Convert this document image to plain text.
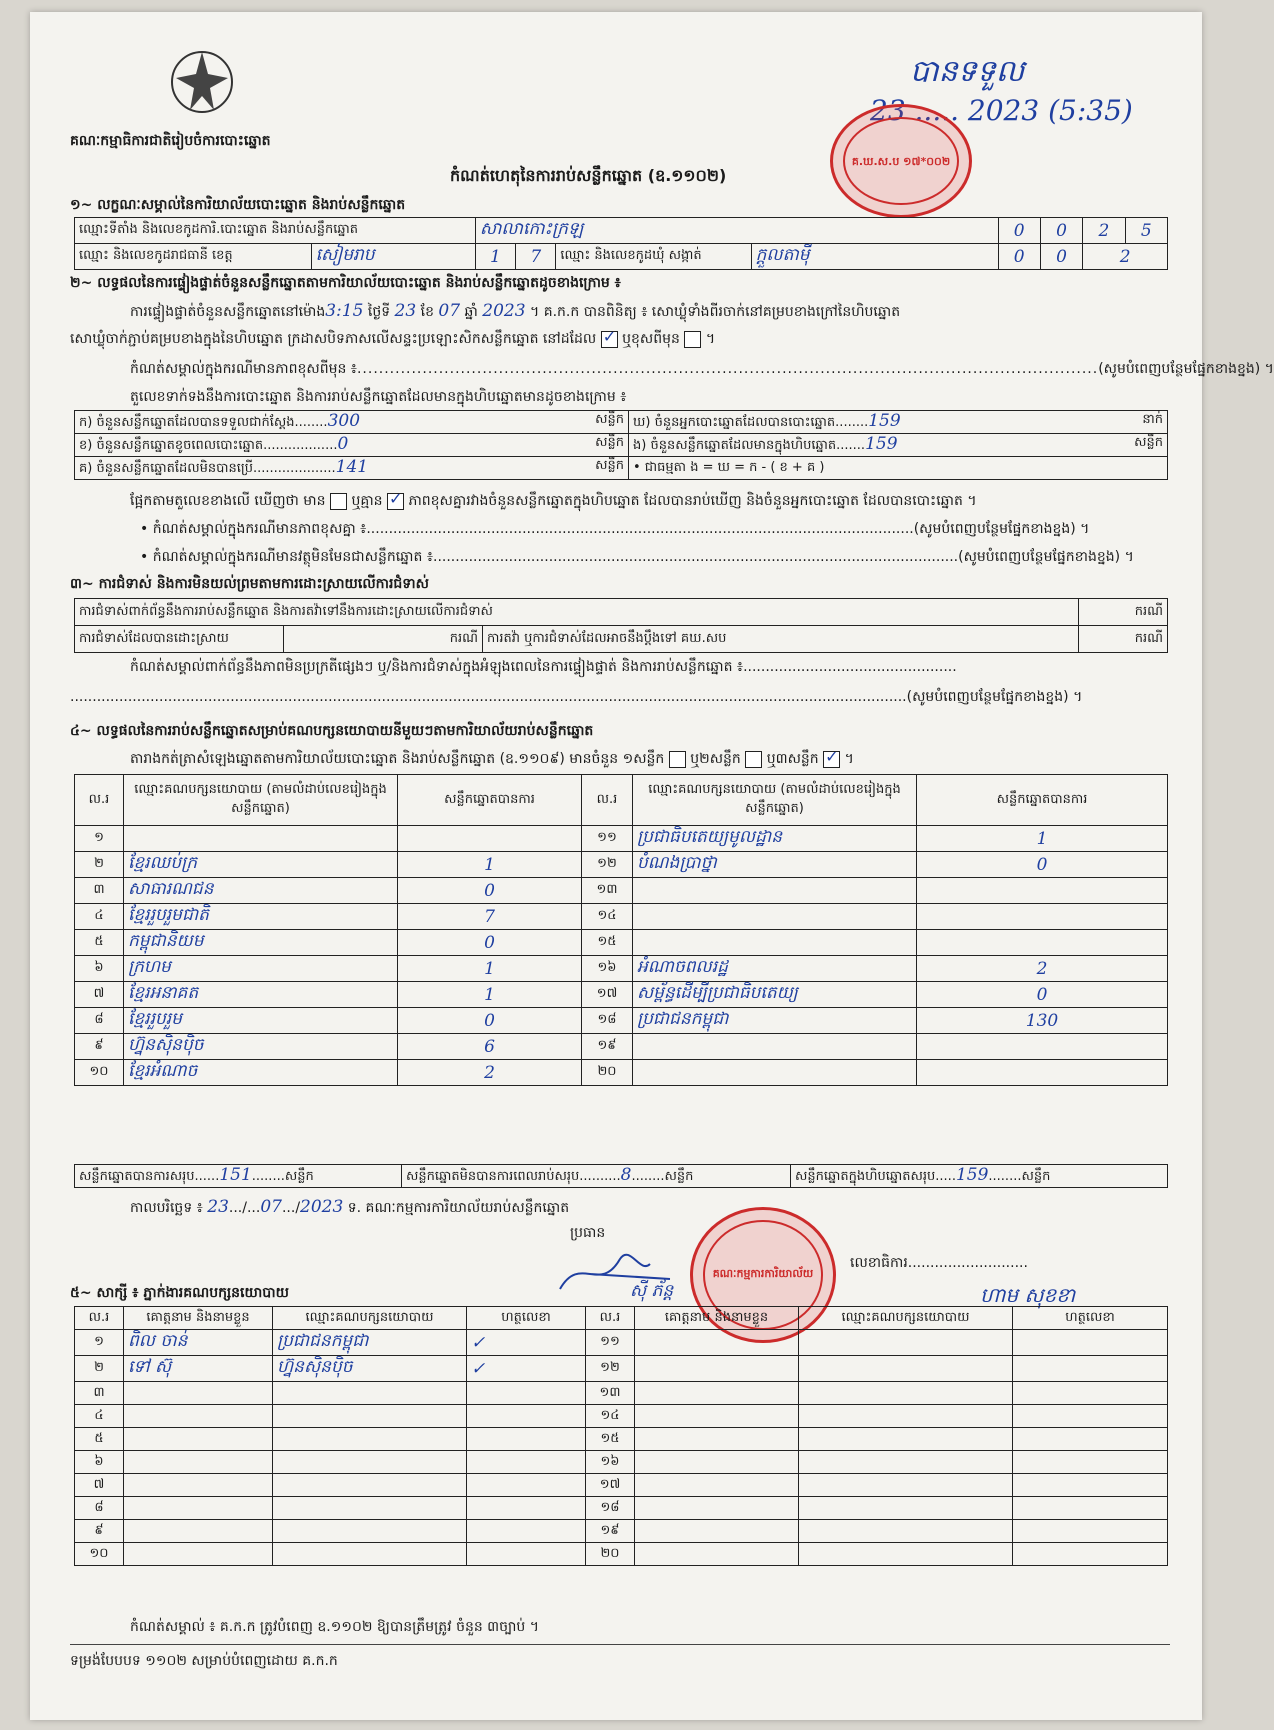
គណៈកម្មាធិការជាតិរៀបចំការបោះឆ្នោត
បានទទួល
23 ..... 2023 (5:35)
គ.ឃ.ស.ប ១៧*០០២
កំណត់ហេតុនៃការរាប់សន្លឹកឆ្នោត (ឧ.១១០២)
១~ លក្ខណៈសម្គាល់នៃការិយាល័យបោះឆ្នោត និងរាប់សន្លឹកឆ្នោត
ឈ្មោះទីតាំង និងលេខកូដការិ.បោះឆ្នោត និងរាប់សន្លឹកឆ្នោត		សាលាកោះក្រឡ				0	0	2	5
ឈ្មោះ និងលេខកូដរាជធានី ខេត្ត	សៀមរាប	1	7	ឈ្មោះ និងលេខកូដឃុំ សង្កាត់	ក្ដួលតាម៉ី	0	0	2	
២~ លទ្ធផលនៃការផ្ទៀងផ្ទាត់ចំនួនសន្លឹកឆ្នោតតាមការិយាល័យបោះឆ្នោត និងរាប់សន្លឹកឆ្នោតដូចខាងក្រោម ៖
ការផ្ទៀងផ្ទាត់ចំនួនសន្លឹកឆ្នោតនៅម៉ោង3:15 ថ្ងៃទី 23 ខែ 07 ឆ្នាំ 2023 ។ គ.ក.ក បានពិនិត្យ ៖ សោឃ្លុំទាំងពីរចាក់នៅគម្របខាងក្រៅនៃហិបឆ្នោត
សោឃ្លុំចាក់ភ្ជាប់គម្របខាងក្នុងនៃហិបឆ្នោត ក្រដាសបិទភាសលើសន្ទះប្រឡោះសិកសន្លឹកឆ្នោត នៅដដែល ✓ ឬខុសពីមុន ។
កំណត់សម្គាល់ក្នុងករណីមានភាពខុសពីមុន ៖........................................................................................................................................(សូមបំពេញបន្ថែមផ្នែកខាងខ្នង) ។
តួលេខទាក់ទងនឹងការបោះឆ្នោត និងការរាប់សន្លឹកឆ្នោតដែលមានក្នុងហិបឆ្នោតមានដូចខាងក្រោម ៖
ក) ចំនួនសន្លឹកឆ្នោតដែលបានទទួលជាក់ស្ដែង........300 សន្លឹក	ឃ) ចំនួនអ្នកបោះឆ្នោតដែលបានបោះឆ្នោត........159 នាក់

ខ) ចំនួនសន្លឹកឆ្នោតខូចពេលបោះឆ្នោត..................0 សន្លឹក	ង) ចំនួនសន្លឹកឆ្នោតដែលមានក្នុងហិបឆ្នោត.......159 សន្លឹក

គ) ចំនួនសន្លឹកឆ្នោតដែលមិនបានប្រើ....................141 សន្លឹក	• ជាធម្មតា ង = ឃ = ក - ( ខ + គ )
ផ្អែកតាមតួលេខខាងលើ ឃើញថា មាន ឬគ្មាន ✓ ភាពខុសគ្នារវាងចំនួនសន្លឹកឆ្នោតក្នុងហិបឆ្នោត ដែលបានរាប់ឃើញ និងចំនួនអ្នកបោះឆ្នោត ដែលបានបោះឆ្នោត ។
• កំណត់សម្គាល់ក្នុងករណីមានភាពខុសគ្នា ៖...........................................................................................................................(សូមបំពេញបន្ថែមផ្នែកខាងខ្នង) ។
• កំណត់សម្គាល់ក្នុងករណីមានវត្ថុមិនមែនជាសន្លឹកឆ្នោត ៖......................................................................................................................(សូមបំពេញបន្ថែមផ្នែកខាងខ្នង) ។
៣~ ការជំទាស់ និងការមិនយល់ព្រមតាមការដោះស្រាយលើការជំទាស់
ការជំទាស់ពាក់ព័ន្ធនឹងការរាប់សន្លឹកឆ្នោត និងការតវ៉ាទៅនឹងការដោះស្រាយលើការជំទាស់			ករណី
ការជំទាស់ដែលបានដោះស្រាយ	ករណី	ការតវ៉ា ឬការជំទាស់ដែលអាចនឹងប្ដឹងទៅ គឃ.សប	ករណី
កំណត់សម្គាល់ពាក់ព័ន្ធនឹងភាពមិនប្រក្រតីផ្សេងៗ ឬ/និងការជំទាស់ក្នុងអំឡុងពេលនៃការផ្ទៀងផ្ទាត់ និងការរាប់សន្លឹកឆ្នោត ៖................................................
............................................................................................................................................................................................(សូមបំពេញបន្ថែមផ្នែកខាងខ្នង) ។
៤~ លទ្ធផលនៃការរាប់សន្លឹកឆ្នោតសម្រាប់គណបក្សនយោបាយនីមួយៗតាមការិយាល័យរាប់សន្លឹកឆ្នោត
តារាងកត់ត្រាសំឡេងឆ្នោតតាមការិយាល័យបោះឆ្នោត និងរាប់សន្លឹកឆ្នោត (ឧ.១១០៩) មានចំនួន ១សន្លឹក ឬ២សន្លឹក ឬ៣សន្លឹក ✓ ។
ល.រ	ឈ្មោះគណបក្សនយោបាយ (តាមលំដាប់លេខរៀងក្នុងសន្លឹកឆ្នោត)	សន្លឹកឆ្នោតបានការ	ល.រ	ឈ្មោះគណបក្សនយោបាយ (តាមលំដាប់លេខរៀងក្នុងសន្លឹកឆ្នោត)	សន្លឹកឆ្នោតបានការ
១			១១	ប្រជាធិបតេយ្យមូលដ្ឋាន	1
២	ខ្មែរឈប់ក្រ	1	១២	បំណងប្រាថ្នា	0
៣	សាធារណជន	0	១៣		
៤	ខ្មែររួបរួមជាតិ	7	១៤		
៥	កម្ពុជានិយម	0	១៥		
៦	ក្រហម	1	១៦	អំណាចពលរដ្ឋ	2
៧	ខ្មែរអនាគត	1	១៧	សម្ព័ន្ធដើម្បីប្រជាធិបតេយ្យ	0
៨	ខ្មែររួបរួម	0	១៨	ប្រជាជនកម្ពុជា	130
៩	ហ្វ៊ុនស៊ិនប៉ិច	6	១៩		
១០	ខ្មែរអំណាច	2	២០		
សន្លឹកឆ្នោតបានការសរុប......151........សន្លឹក	សន្លឹកឆ្នោតមិនបានការពេលរាប់សរុប..........8........សន្លឹក	សន្លឹកឆ្នោតក្នុងហិបឆ្នោតសរុប.....159........សន្លឹក
កាលបរិច្ឆេទ ៖ 23.../...07.../2023 ទ. គណៈកម្មការការិយាល័យរាប់សន្លឹកឆ្នោត
ប្រធាន
ស៊ី ភ័ន្ត
គណៈកម្មការការិយាល័យ
លេខាធិការ...........................
ហាម សុខខា
៥~ សាក្សី ៖ ភ្នាក់ងារគណបក្សនយោបាយ
ល.រ	គោត្តនាម និងនាមខ្លួន	ឈ្មោះគណបក្សនយោបាយ	ហត្ថលេខា	ល.រ	គោត្តនាម និងនាមខ្លួន	ឈ្មោះគណបក្សនយោបាយ	ហត្ថលេខា
១	ពិល ចាន់	ប្រជាជនកម្ពុជា	✓	១១			
២	ទៅ ស៊ុ	ហ្វ៊ុនស៊ិនប៉ិច	✓	១២			
៣				១៣			
៤				១៤			
៥				១៥			
៦				១៦			
៧				១៧			
៨				១៨			
៩				១៩			
១០				២០			
កំណត់សម្គាល់ ៖ គ.ក.ក ត្រូវបំពេញ ឧ.១១០២ ឱ្យបានត្រឹមត្រូវ ចំនួន ៣ច្បាប់ ។
ទម្រង់បែបបទ ១១០២ សម្រាប់បំពេញដោយ គ.ក.ក
